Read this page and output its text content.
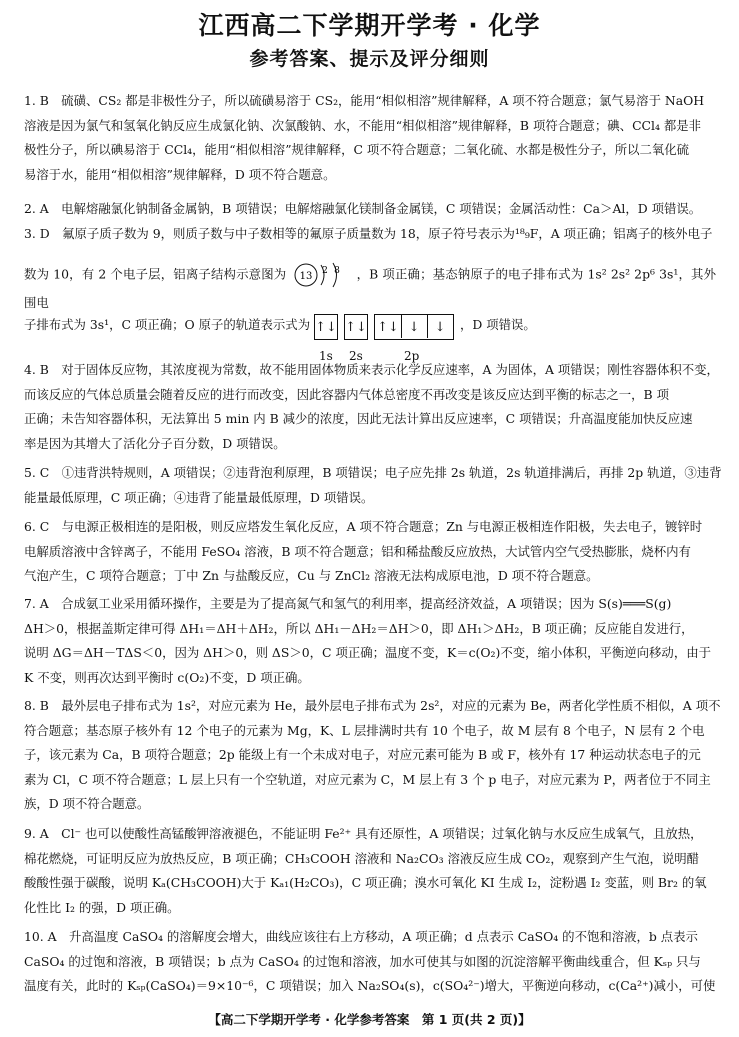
江西高二下学期开学考 · 化学
参考答案、提示及评分细则
1. B　硫磺、CS₂ 都是非极性分子，所以硫磺易溶于 CS₂，能用“相似相溶”规律解释，A 项不符合题意；氯气易溶于 NaOH
溶液是因为氯气和氢氧化钠反应生成氯化钠、次氯酸钠、水，不能用“相似相溶”规律解释，B 项符合题意；碘、CCl₄ 都是非
极性分子，所以碘易溶于 CCl₄，能用“相似相溶”规律解释，C 项不符合题意；二氧化硫、水都是极性分子，所以二氧化硫
易溶于水，能用“相似相溶”规律解释，D 项不符合题意。
2. A　电解熔融氯化钠制备金属钠，B 项错误；电解熔融氯化镁制备金属镁，C 项错误；金属活动性：Ca＞Al，D 项错误。
3. D　氟原子质子数为 9，则质子数与中子数相等的氟原子质量数为 18，原子符号表示为¹⁸₉F，A 项正确；铝离子的核外电子
数为 10，有 2 个电子层，铝离子结构示意图为 13 2 8 ，B 项正确；基态钠原子的电子排布式为 1s² 2s² 2p⁶ 3s¹，其外围电
子排布式为 3s¹，C 项正确；O 原子的轨道表示式为 ↑↓ ↑↓ ↑↓ ↓	↓
1s 2s	2p
，D 项错误。
4. B　对于固体反应物，其浓度视为常数，故不能用固体物质来表示化学反应速率，A 为固体，A 项错误；刚性容器体积不变，
而该反应的气体总质量会随着反应的进行而改变，因此容器内气体总密度不再改变是该反应达到平衡的标志之一，B 项
正确；未告知容器体积，无法算出 5 min 内 B 减少的浓度，因此无法计算出反应速率，C 项错误；升高温度能加快反应速
率是因为其增大了活化分子百分数，D 项错误。
5. C　①违背洪特规则，A 项错误；②违背泡利原理，B 项错误；电子应先排 2s 轨道，2s 轨道排满后，再排 2p 轨道，③违背
能量最低原理，C 项正确；④违背了能量最低原理，D 项错误。
6. C　与电源正极相连的是阳极，则反应塔发生氧化反应，A 项不符合题意；Zn 与电源正极相连作阳极，失去电子，镀锌时
电解质溶液中含锌离子，不能用 FeSO₄ 溶液，B 项不符合题意；铝和稀盐酸反应放热，大试管内空气受热膨胀，烧杯内有
气泡产生，C 项符合题意；丁中 Zn 与盐酸反应，Cu 与 ZnCl₂ 溶液无法构成原电池，D 项不符合题意。
7. A　合成氨工业采用循环操作，主要是为了提高氮气和氢气的利用率，提高经济效益，A 项错误；因为 S(s)═══S(g)
ΔH＞0，根据盖斯定律可得 ΔH₁＝ΔH＋ΔH₂，所以 ΔH₁－ΔH₂＝ΔH＞0，即 ΔH₁＞ΔH₂，B 项正确；反应能自发进行，
说明 ΔG＝ΔH－TΔS＜0，因为 ΔH＞0，则 ΔS＞0，C 项正确；温度不变，K＝c(O₂)不变，缩小体积，平衡逆向移动，由于
K 不变，则再次达到平衡时 c(O₂)不变，D 项正确。
8. B　最外层电子排布式为 1s²，对应元素为 He，最外层电子排布式为 2s²，对应的元素为 Be，两者化学性质不相似，A 项不
符合题意；基态原子核外有 12 个电子的元素为 Mg，K、L 层排满时共有 10 个电子，故 M 层有 8 个电子，N 层有 2 个电
子，该元素为 Ca，B 项符合题意；2p 能级上有一个未成对电子，对应元素可能为 B 或 F，核外有 17 种运动状态电子的元
素为 Cl，C 项不符合题意；L 层上只有一个空轨道，对应元素为 C，M 层上有 3 个 p 电子，对应元素为 P，两者位于不同主
族，D 项不符合题意。
9. A　Cl⁻ 也可以使酸性高锰酸钾溶液褪色，不能证明 Fe²⁺ 具有还原性，A 项错误；过氧化钠与水反应生成氧气，且放热，
棉花燃烧，可证明反应为放热反应，B 项正确；CH₃COOH 溶液和 Na₂CO₃ 溶液反应生成 CO₂，观察到产生气泡，说明醋
酸酸性强于碳酸，说明 Kₐ(CH₃COOH)大于 Kₐ₁(H₂CO₃)，C 项正确；溴水可氧化 KI 生成 I₂，淀粉遇 I₂ 变蓝，则 Br₂ 的氧
化性比 I₂ 的强，D 项正确。
10. A　升高温度 CaSO₄ 的溶解度会增大，曲线应该往右上方移动，A 项正确；d 点表示 CaSO₄ 的不饱和溶液，b 点表示
CaSO₄ 的过饱和溶液，B 项错误；b 点为 CaSO₄ 的过饱和溶液，加水可使其与如图的沉淀溶解平衡曲线重合，但 Kₛₚ 只与
温度有关，此时的 Kₛₚ(CaSO₄)＝9×10⁻⁶，C 项错误；加入 Na₂SO₄(s)，c(SO₄²⁻)增大，平衡逆向移动，c(Ca²⁺)减小，可使
【高二下学期开学考 · 化学参考答案　第 1 页(共 2 页)】
